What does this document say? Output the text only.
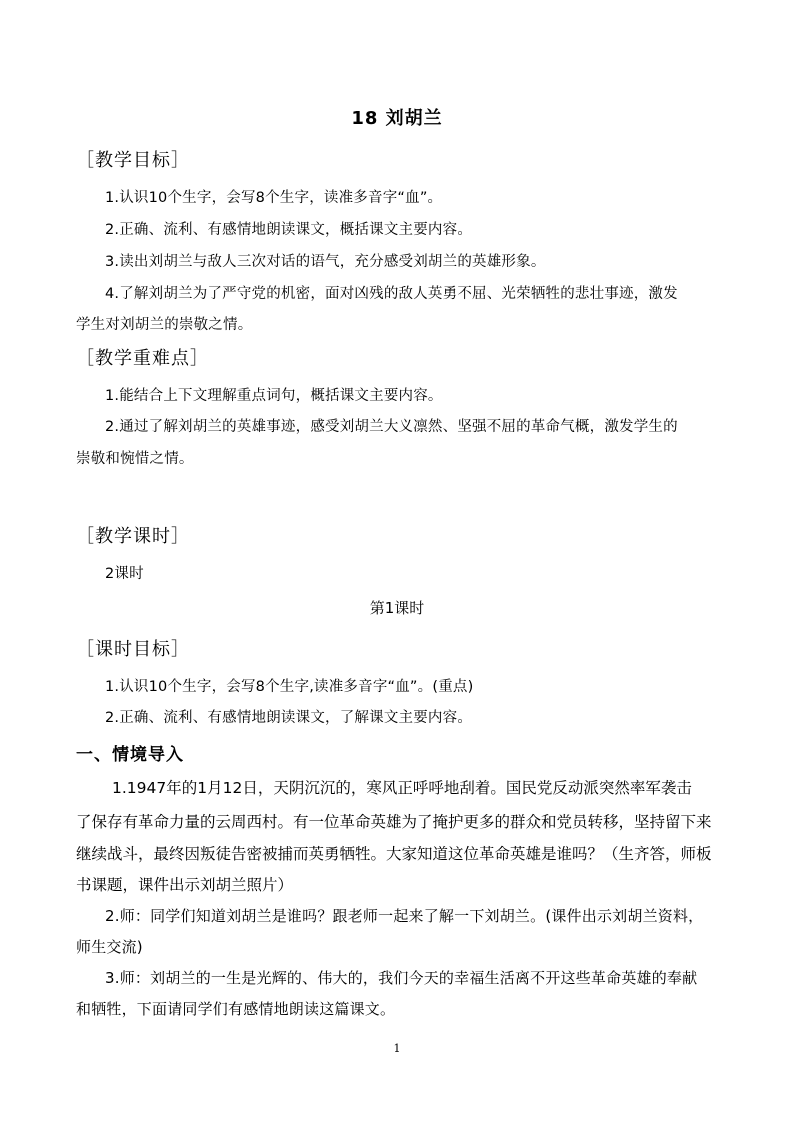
18 刘胡兰
［教学目标］
1.认识10个生字，会写8个生字，读准多音字“血”。
2.正确、流利、有感情地朗读课文，概括课文主要内容。
3.读出刘胡兰与敌人三次对话的语气，充分感受刘胡兰的英雄形象。
4.了解刘胡兰为了严守党的机密，面对凶残的敌人英勇不屈、光荣牺牲的悲壮事迹，激发
学生对刘胡兰的崇敬之情。
［教学重难点］
1.能结合上下文理解重点词句，概括课文主要内容。
2.通过了解刘胡兰的英雄事迹，感受刘胡兰大义凛然、坚强不屈的革命气概，激发学生的
崇敬和惋惜之情。
［教学课时］
2课时
第1课时
［课时目标］
1.认识10个生字，会写8个生字,读准多音字“血”。(重点)
2.正确、流利、有感情地朗读课文，了解课文主要内容。
一、情境导入
1.1947年的1月12日，天阴沉沉的，寒风正呼呼地刮着。国民党反动派突然率军袭击
了保存有革命力量的云周西村。有一位革命英雄为了掩护更多的群众和党员转移，坚持留下来
继续战斗，最终因叛徒告密被捕而英勇牺牲。大家知道这位革命英雄是谁吗？（生齐答，师板
书课题，课件出示刘胡兰照片）
2.师：同学们知道刘胡兰是谁吗？跟老师一起来了解一下刘胡兰。(课件出示刘胡兰资料，
师生交流)
3.师：刘胡兰的一生是光辉的、伟大的，我们今天的幸福生活离不开这些革命英雄的奉献
和牺牲，下面请同学们有感情地朗读这篇课文。
1
